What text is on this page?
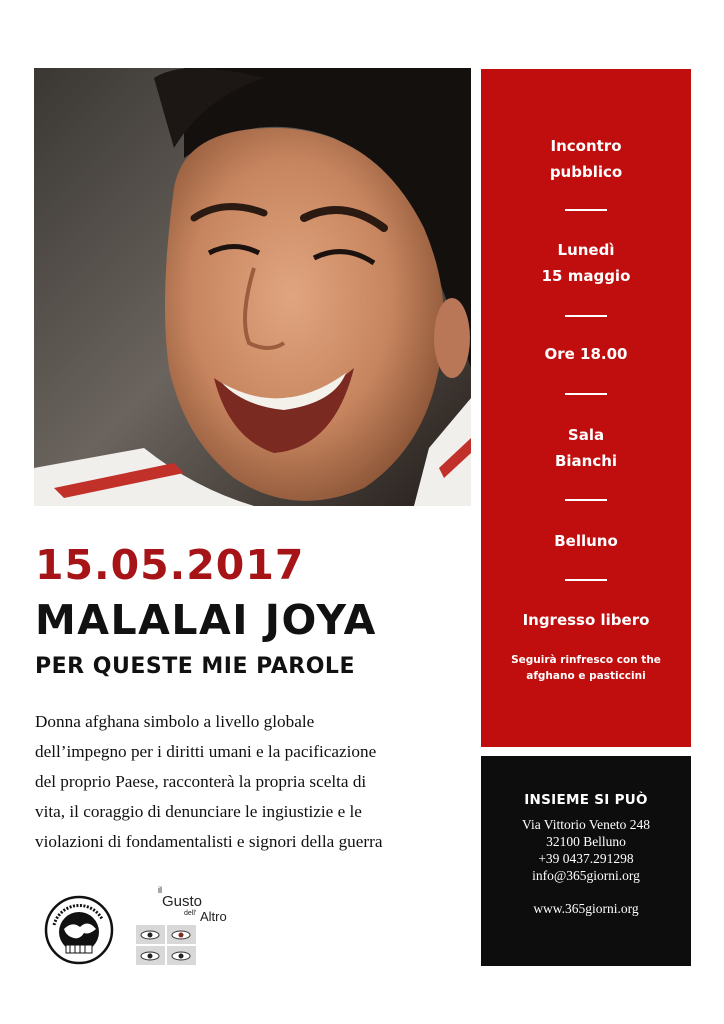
Incontro
pubblico
Lunedì
15 maggio
Ore 18.00
Sala
Bianchi
Belluno
Ingresso libero
Seguirà rinfresco con the
afghano e pasticcini
15.05.2017
MALALAI JOYA
PER QUESTE MIE PAROLE
Donna afghana simbolo a livello globale
dell’impegno per i diritti umani e la pacificazione
del proprio Paese, racconterà la propria scelta di
vita, il coraggio di denunciare le ingiustizie e le
violazioni di fondamentalisti e signori della guerra
INSIEME SI PUÒ
Via Vittorio Veneto 248
32100 Belluno
+39 0437.291298
info@365giorni.org
www.365giorni.org
il
Gusto
dell' Altro
